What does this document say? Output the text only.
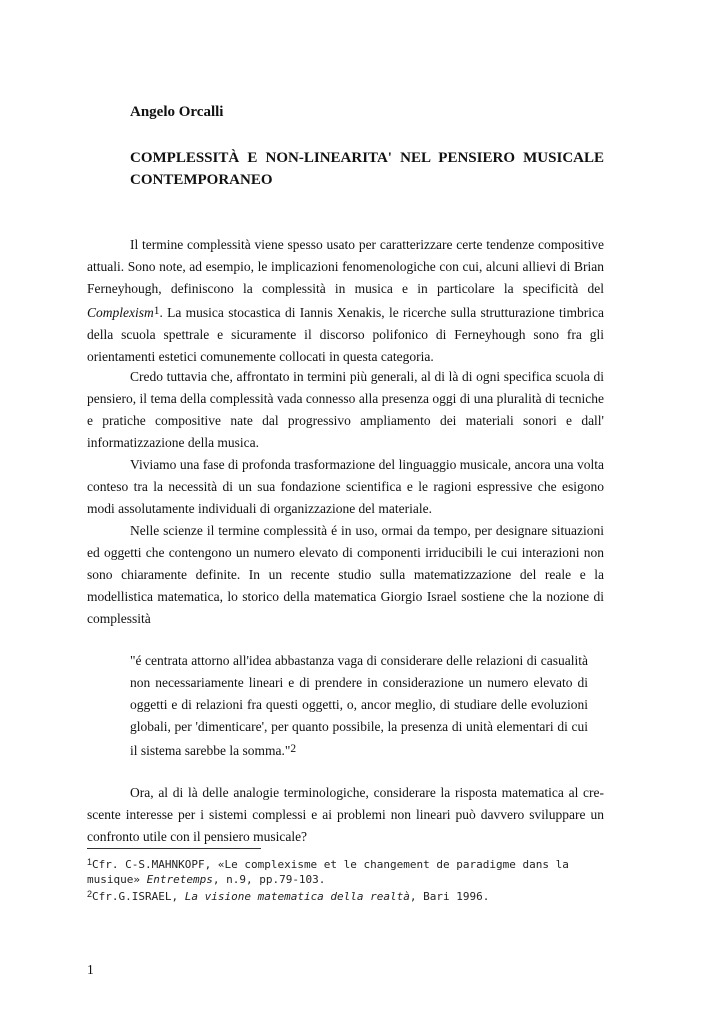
Angelo Orcalli
COMPLESSITÀ E NON-LINEARITA' NEL PENSIERO MUSICALE CONTEMPORANEO
Il termine complessità viene spesso usato per caratterizzare certe tendenze compositive attuali. Sono note, ad esempio, le implicazioni fenomenologiche con cui, alcuni allievi di Brian Ferneyhough, definiscono la complessità in musica e in particolare la specificità del Complexism$^1$. La musica stocastica di Iannis Xenakis, le ricerche sulla strutturazione timbrica della scuola spettrale e sicuramente il discorso polifonico di Ferneyhough sono fra gli orientamenti estetici comunemente collocati in questa categoria.
Credo tuttavia che, affrontato in termini più generali, al di là di ogni specifica scuola di pensiero, il tema della complessità vada connesso alla presenza oggi di una pluralità di tecniche e pratiche compositive nate dal progressivo ampliamento dei materiali sonori e dall' informatizzazione della musica.
Viviamo una fase di profonda trasformazione del linguaggio musicale, ancora una volta conteso tra la necessità di un sua fondazione scientifica e le ragioni espressive che esigono modi assolutamente individuali di organizzazione del materiale.
Nelle scienze il termine complessità é in uso, ormai da tempo, per designare situazioni ed oggetti che contengono un numero elevato di componenti irriducibili le cui interazioni non sono chiaramente definite. In un recente studio sulla matematizzazione del reale e la modellistica matematica, lo storico della matematica Giorgio Israel sostiene che la nozione di complessità
"é centrata attorno all'idea abbastanza vaga di considerare delle relazioni di casualità non necessariamente lineari e di prendere in considerazione un numero elevato di oggetti e di relazioni fra questi oggetti, o, ancor meglio, di studiare delle evoluzioni globali, per 'dimenticare', per quanto possibile, la presenza di unità elementari di cui il sistema sarebbe la somma."$^2$
Ora, al di là delle analogie terminologiche, considerare la risposta matematica al cre-scente interesse per i sistemi complessi e ai problemi non lineari può davvero sviluppare un confronto utile con il pensiero musicale?

$^1$Cfr. C-S.MAHNKOPF, «Le complexisme et le changement de paradigme dans la musique» Entretemps, n.9, pp.79-103.

$^2$Cfr.G.ISRAEL, La visione matematica della realtà, Bari 1996.

1
